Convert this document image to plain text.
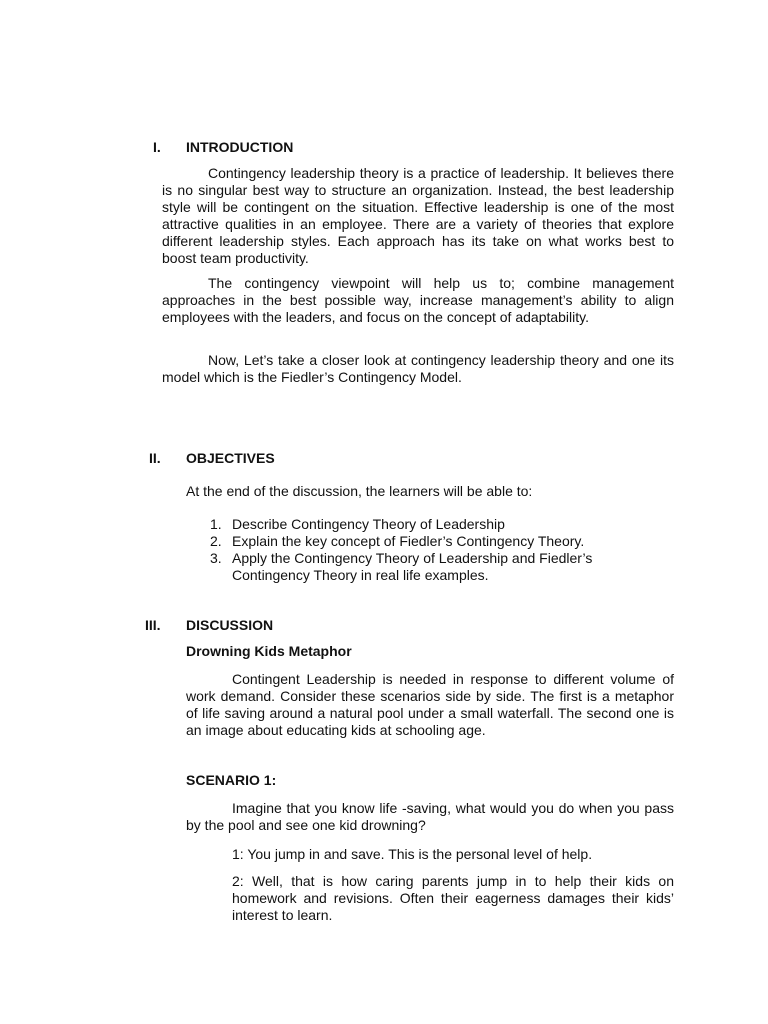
I. INTRODUCTION

Contingency leadership theory is a practice of leadership. It believes there is no singular best way to structure an organization. Instead, the best leadership style will be contingent on the situation. Effective leadership is one of the most attractive qualities in an employee. There are a variety of theories that explore different leadership styles. Each approach has its take on what works best to boost team productivity.

The contingency viewpoint will help us to; combine management approaches in the best possible way, increase management’s ability to align employees with the leaders, and focus on the concept of adaptability.

Now, Let’s take a closer look at contingency leadership theory and one its model which is the Fiedler’s Contingency Model.

II. OBJECTIVES

At the end of the discussion, the learners will be able to:

1. Describe Contingency Theory of Leadership
2. Explain the key concept of Fiedler’s Contingency Theory.
3. Apply the Contingency Theory of Leadership and Fiedler’s Contingency Theory in real life examples.
III. DISCUSSION
Drowning Kids Metaphor

Contingent Leadership is needed in response to different volume of work demand. Consider these scenarios side by side. The first is a metaphor of life saving around a natural pool under a small waterfall. The second one is an image about educating kids at schooling age.

SCENARIO 1:

Imagine that you know life -saving, what would you do when you pass by the pool and see one kid drowning?

1: You jump in and save. This is the personal level of help.

2: Well, that is how caring parents jump in to help their kids on homework and revisions. Often their eagerness damages their kids’ interest to learn.
